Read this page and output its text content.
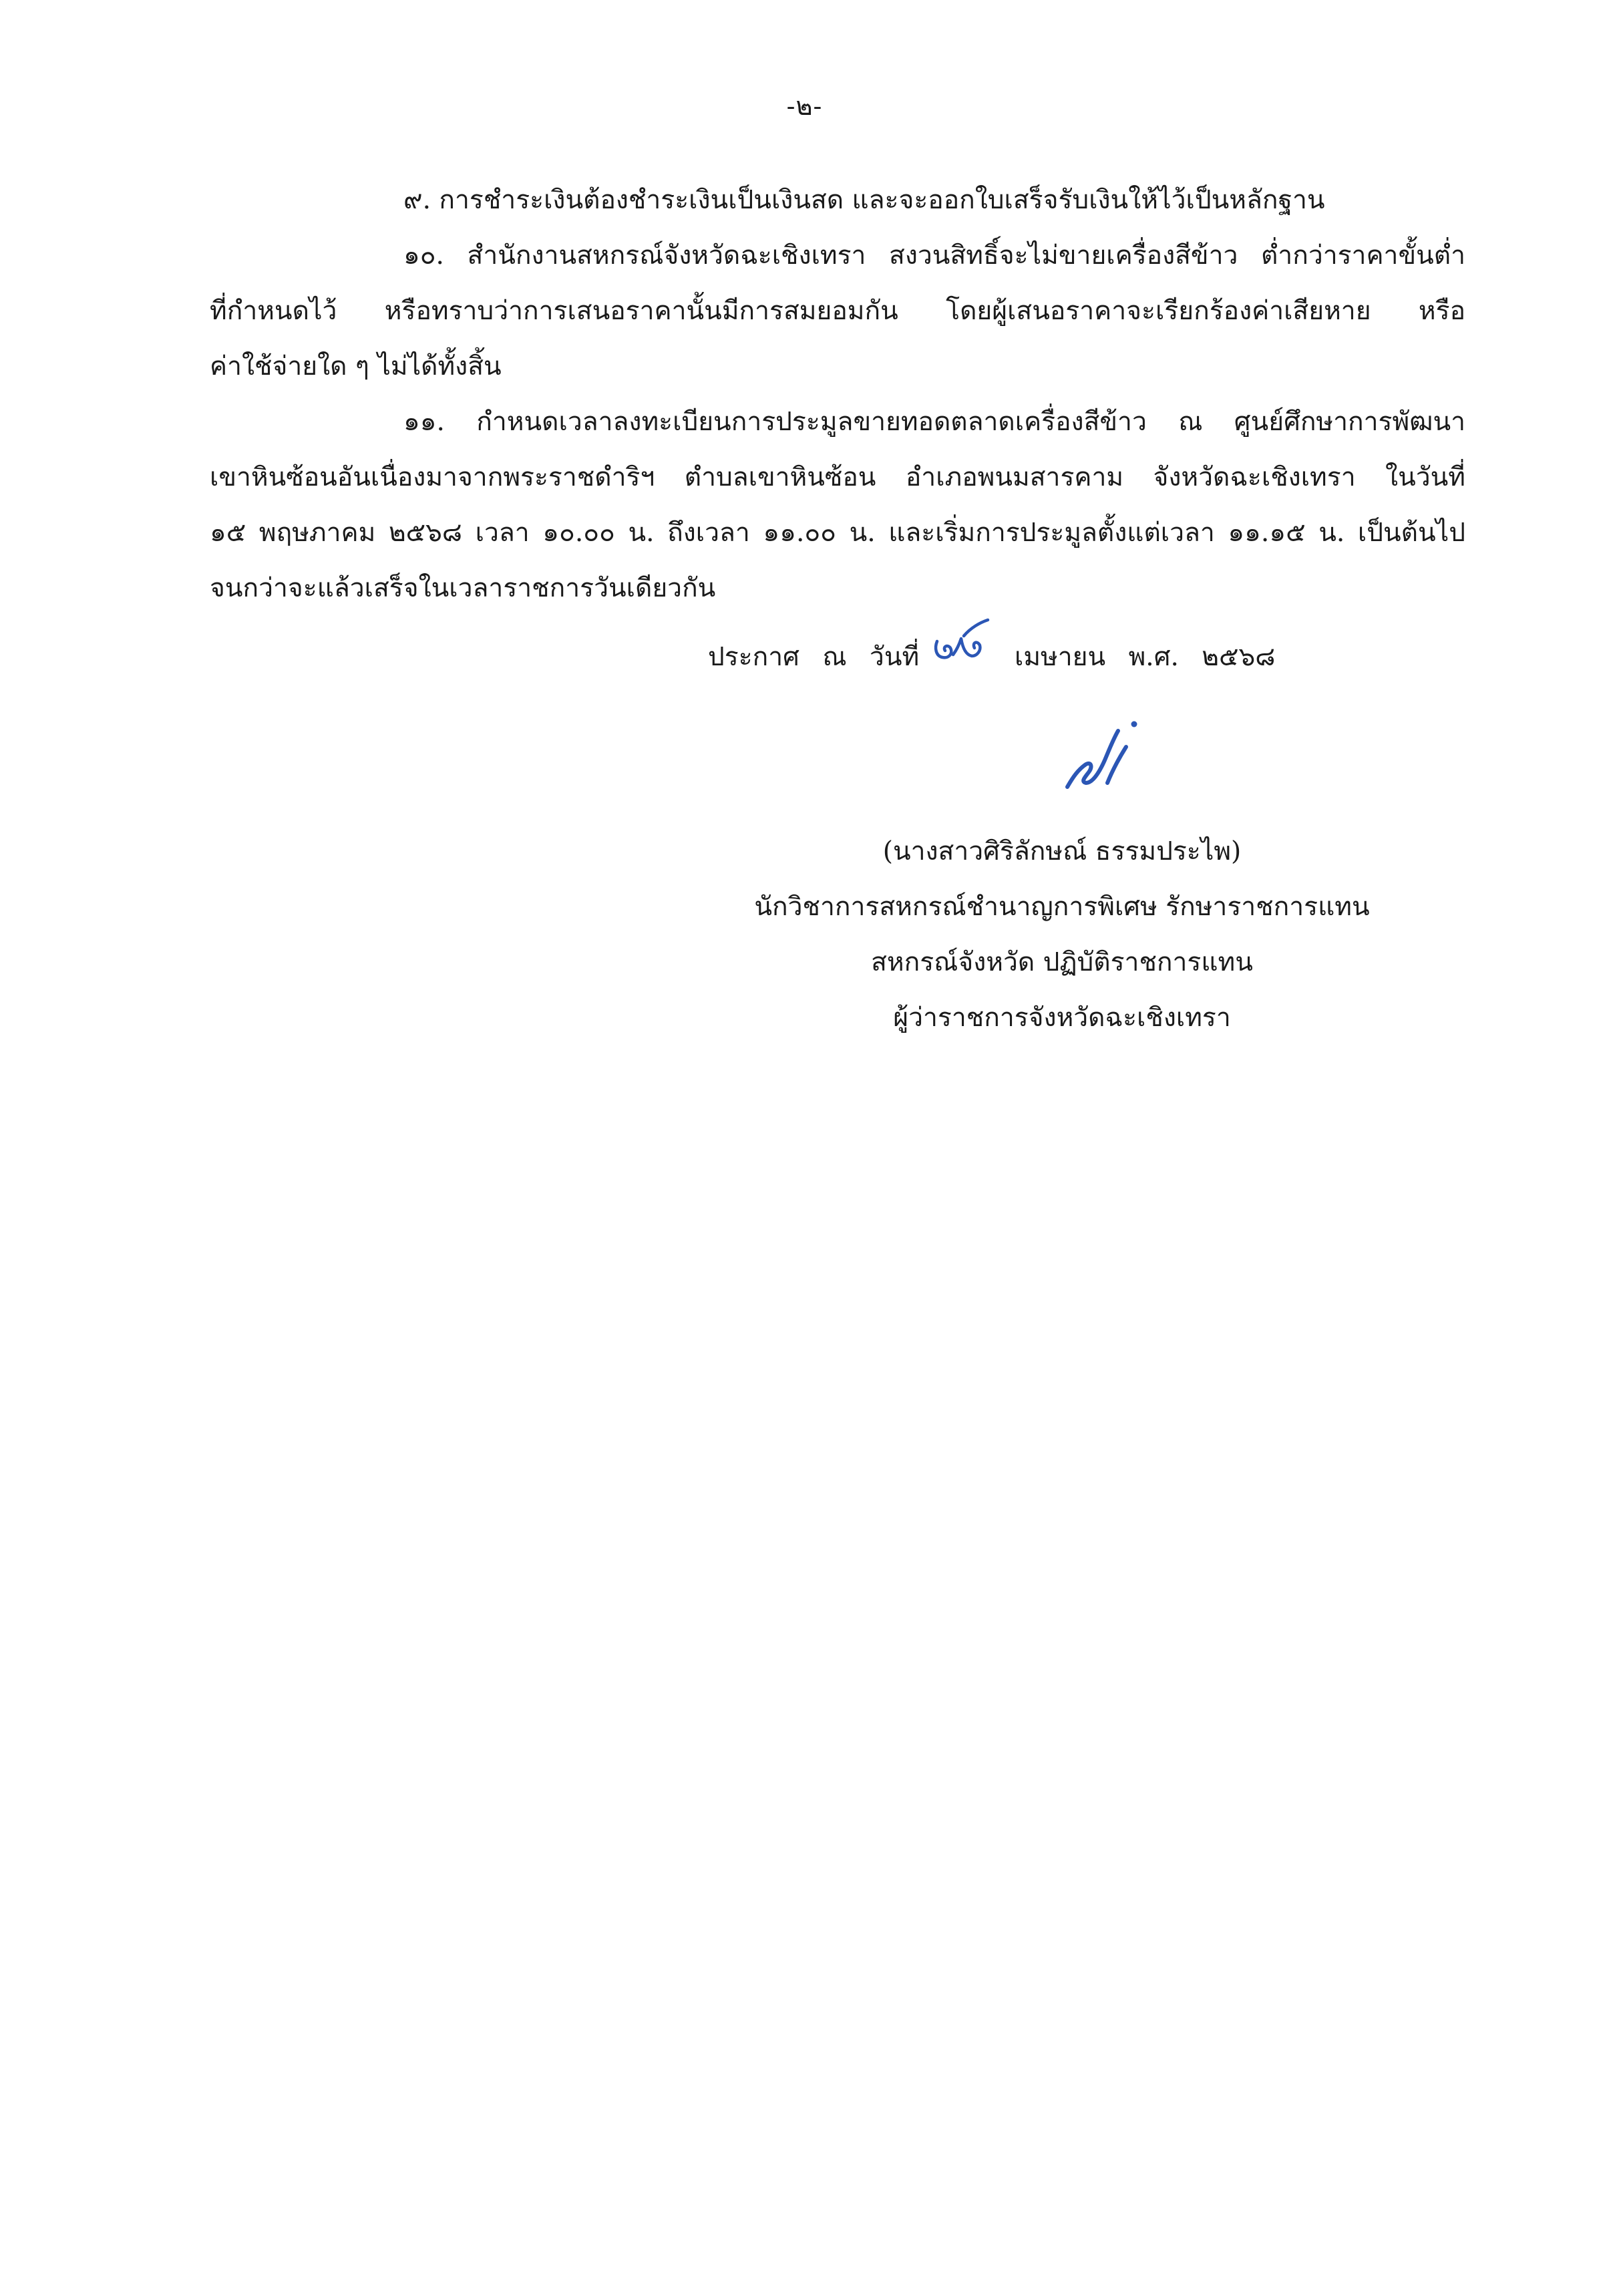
-๒-
๙. การชำระเงินต้องชำระเงินเป็นเงินสด และจะออกใบเสร็จรับเงินให้ไว้เป็นหลักฐาน
๑๐. สำนักงานสหกรณ์จังหวัดฉะเชิงเทรา สงวนสิทธิ์จะไม่ขายเครื่องสีข้าว ต่ำกว่าราคาขั้นต่ำ
ที่กำหนดไว้ หรือทราบว่าการเสนอราคานั้นมีการสมยอมกัน โดยผู้เสนอราคาจะเรียกร้องค่าเสียหาย หรือ
ค่าใช้จ่ายใด ๆ ไม่ได้ทั้งสิ้น
๑๑. กำหนดเวลาลงทะเบียนการประมูลขายทอดตลาดเครื่องสีข้าว ณ ศูนย์ศึกษาการพัฒนา
เขาหินซ้อนอันเนื่องมาจากพระราชดำริฯ ตำบลเขาหินซ้อน อำเภอพนมสารคาม จังหวัดฉะเชิงเทรา ในวันที่
๑๕ พฤษภาคม ๒๕๖๘ เวลา ๑๐.๐๐ น. ถึงเวลา ๑๑.๐๐ น. และเริ่มการประมูลตั้งแต่เวลา ๑๑.๑๕ น. เป็นต้นไป
จนกว่าจะแล้วเสร็จในเวลาราชการวันเดียวกัน
ประกาศ ณ วันที่	เมษายน พ.ศ. ๒๕๖๘
(นางสาวศิริลักษณ์ ธรรมประไพ)
นักวิชาการสหกรณ์ชำนาญการพิเศษ รักษาราชการแทน
สหกรณ์จังหวัด ปฏิบัติราชการแทน
ผู้ว่าราชการจังหวัดฉะเชิงเทรา
